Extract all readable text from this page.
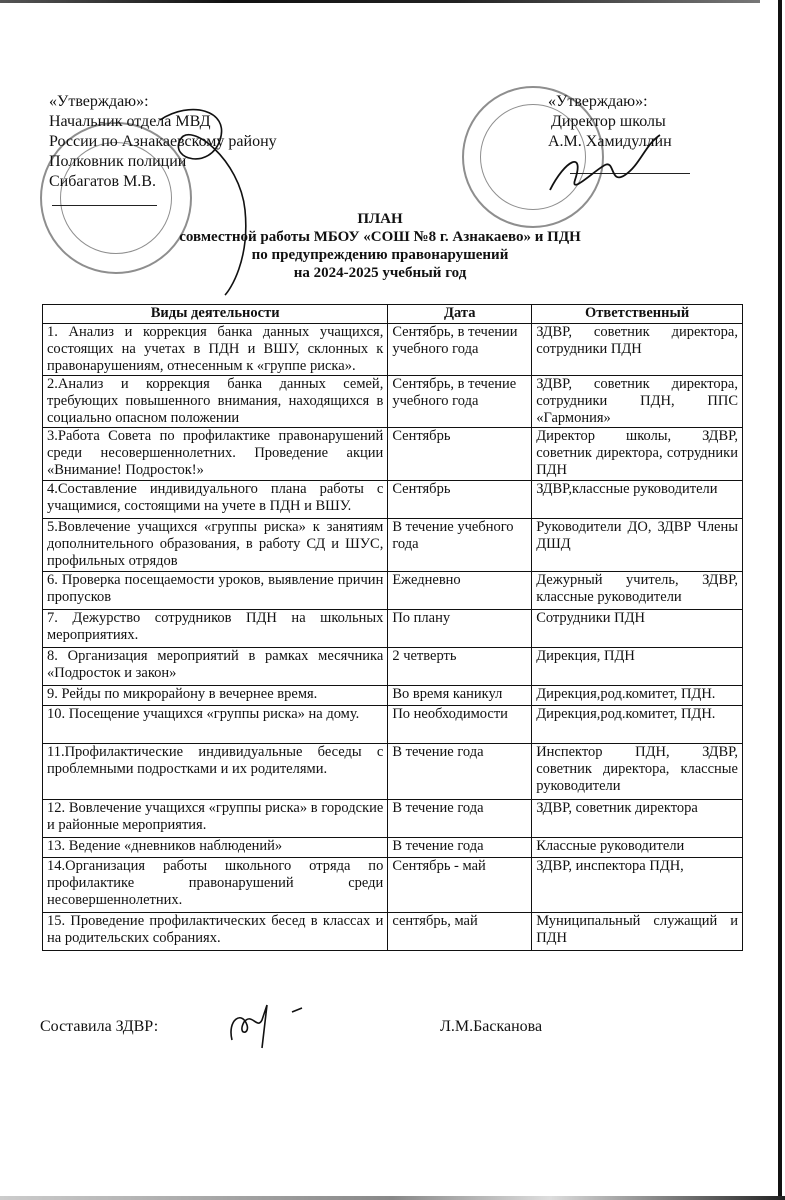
«Утверждаю»:
Начальник отдела МВД
России по Азнакаевскому району
Полковник полиции
Сибагатов М.В.
«Утверждаю»:
Директор школы
А.М. Хамидуллин
ПЛАН
совместной работы МБОУ «СОШ №8 г. Азнакаево» и ПДН
по предупреждению правонарушений
на 2024-2025 учебный год
Виды деятельности	Дата	Ответственный
1. Анализ и коррекция банка данных учащихся, состоящих на учетах в ПДН и ВШУ, склонных к правонарушениям, отнесенным к «группе риска».	Сентябрь, в течении учебного года	ЗДВР, советник директора, сотрудники ПДН
2.Анализ и коррекция банка данных семей, требующих повышенного внимания, находящихся в социально опасном положении	Сентябрь, в течение учебного года	ЗДВР, советник директора, сотрудники ПДН, ППС «Гармония»
3.Работа Совета по профилактике правонарушений среди несовершеннолетних. Проведение акции «Внимание! Подросток!»	Сентябрь	Директор школы, ЗДВР, советник директора, сотрудники ПДН
4.Составление индивидуального плана работы с учащимися, состоящими на учете в ПДН и ВШУ.	Сентябрь	ЗДВР,классные руководители
5.Вовлечение учащихся «группы риска» к занятиям дополнительного образования, в работу СД и ШУС, профильных отрядов	В течение учебного года	Руководители ДО, ЗДВР Члены ДШД
6. Проверка посещаемости уроков, выявление причин пропусков	Ежедневно	Дежурный учитель, ЗДВР, классные руководители
7. Дежурство сотрудников ПДН на школьных мероприятиях.	По плану	Сотрудники ПДН
8. Организация мероприятий в рамках месячника «Подросток и закон»	2 четверть	Дирекция, ПДН
9. Рейды по микрорайону в вечернее время.	Во время каникул	Дирекция,род.комитет, ПДН.
10. Посещение учащихся «группы риска» на дому.	По необходимости	Дирекция,род.комитет, ПДН.
11.Профилактические индивидуальные беседы с проблемными подростками и их родителями.	В течение года	Инспектор ПДН, ЗДВР, советник директора, классные руководители
12. Вовлечение учащихся «группы риска» в городские и районные мероприятия.	В течение года	ЗДВР, советник директора
13. Ведение «дневников наблюдений»	В течение года	Классные руководители
14.Организация работы школьного отряда по профилактике правонарушений среди несовершеннолетних.	Сентябрь - май	ЗДВР, инспектора ПДН,
15. Проведение профилактических бесед в классах и на родительских собраниях.	сентябрь, май	Муниципальный служащий и ПДН
Составила ЗДВР:	Л.М.Басканова
